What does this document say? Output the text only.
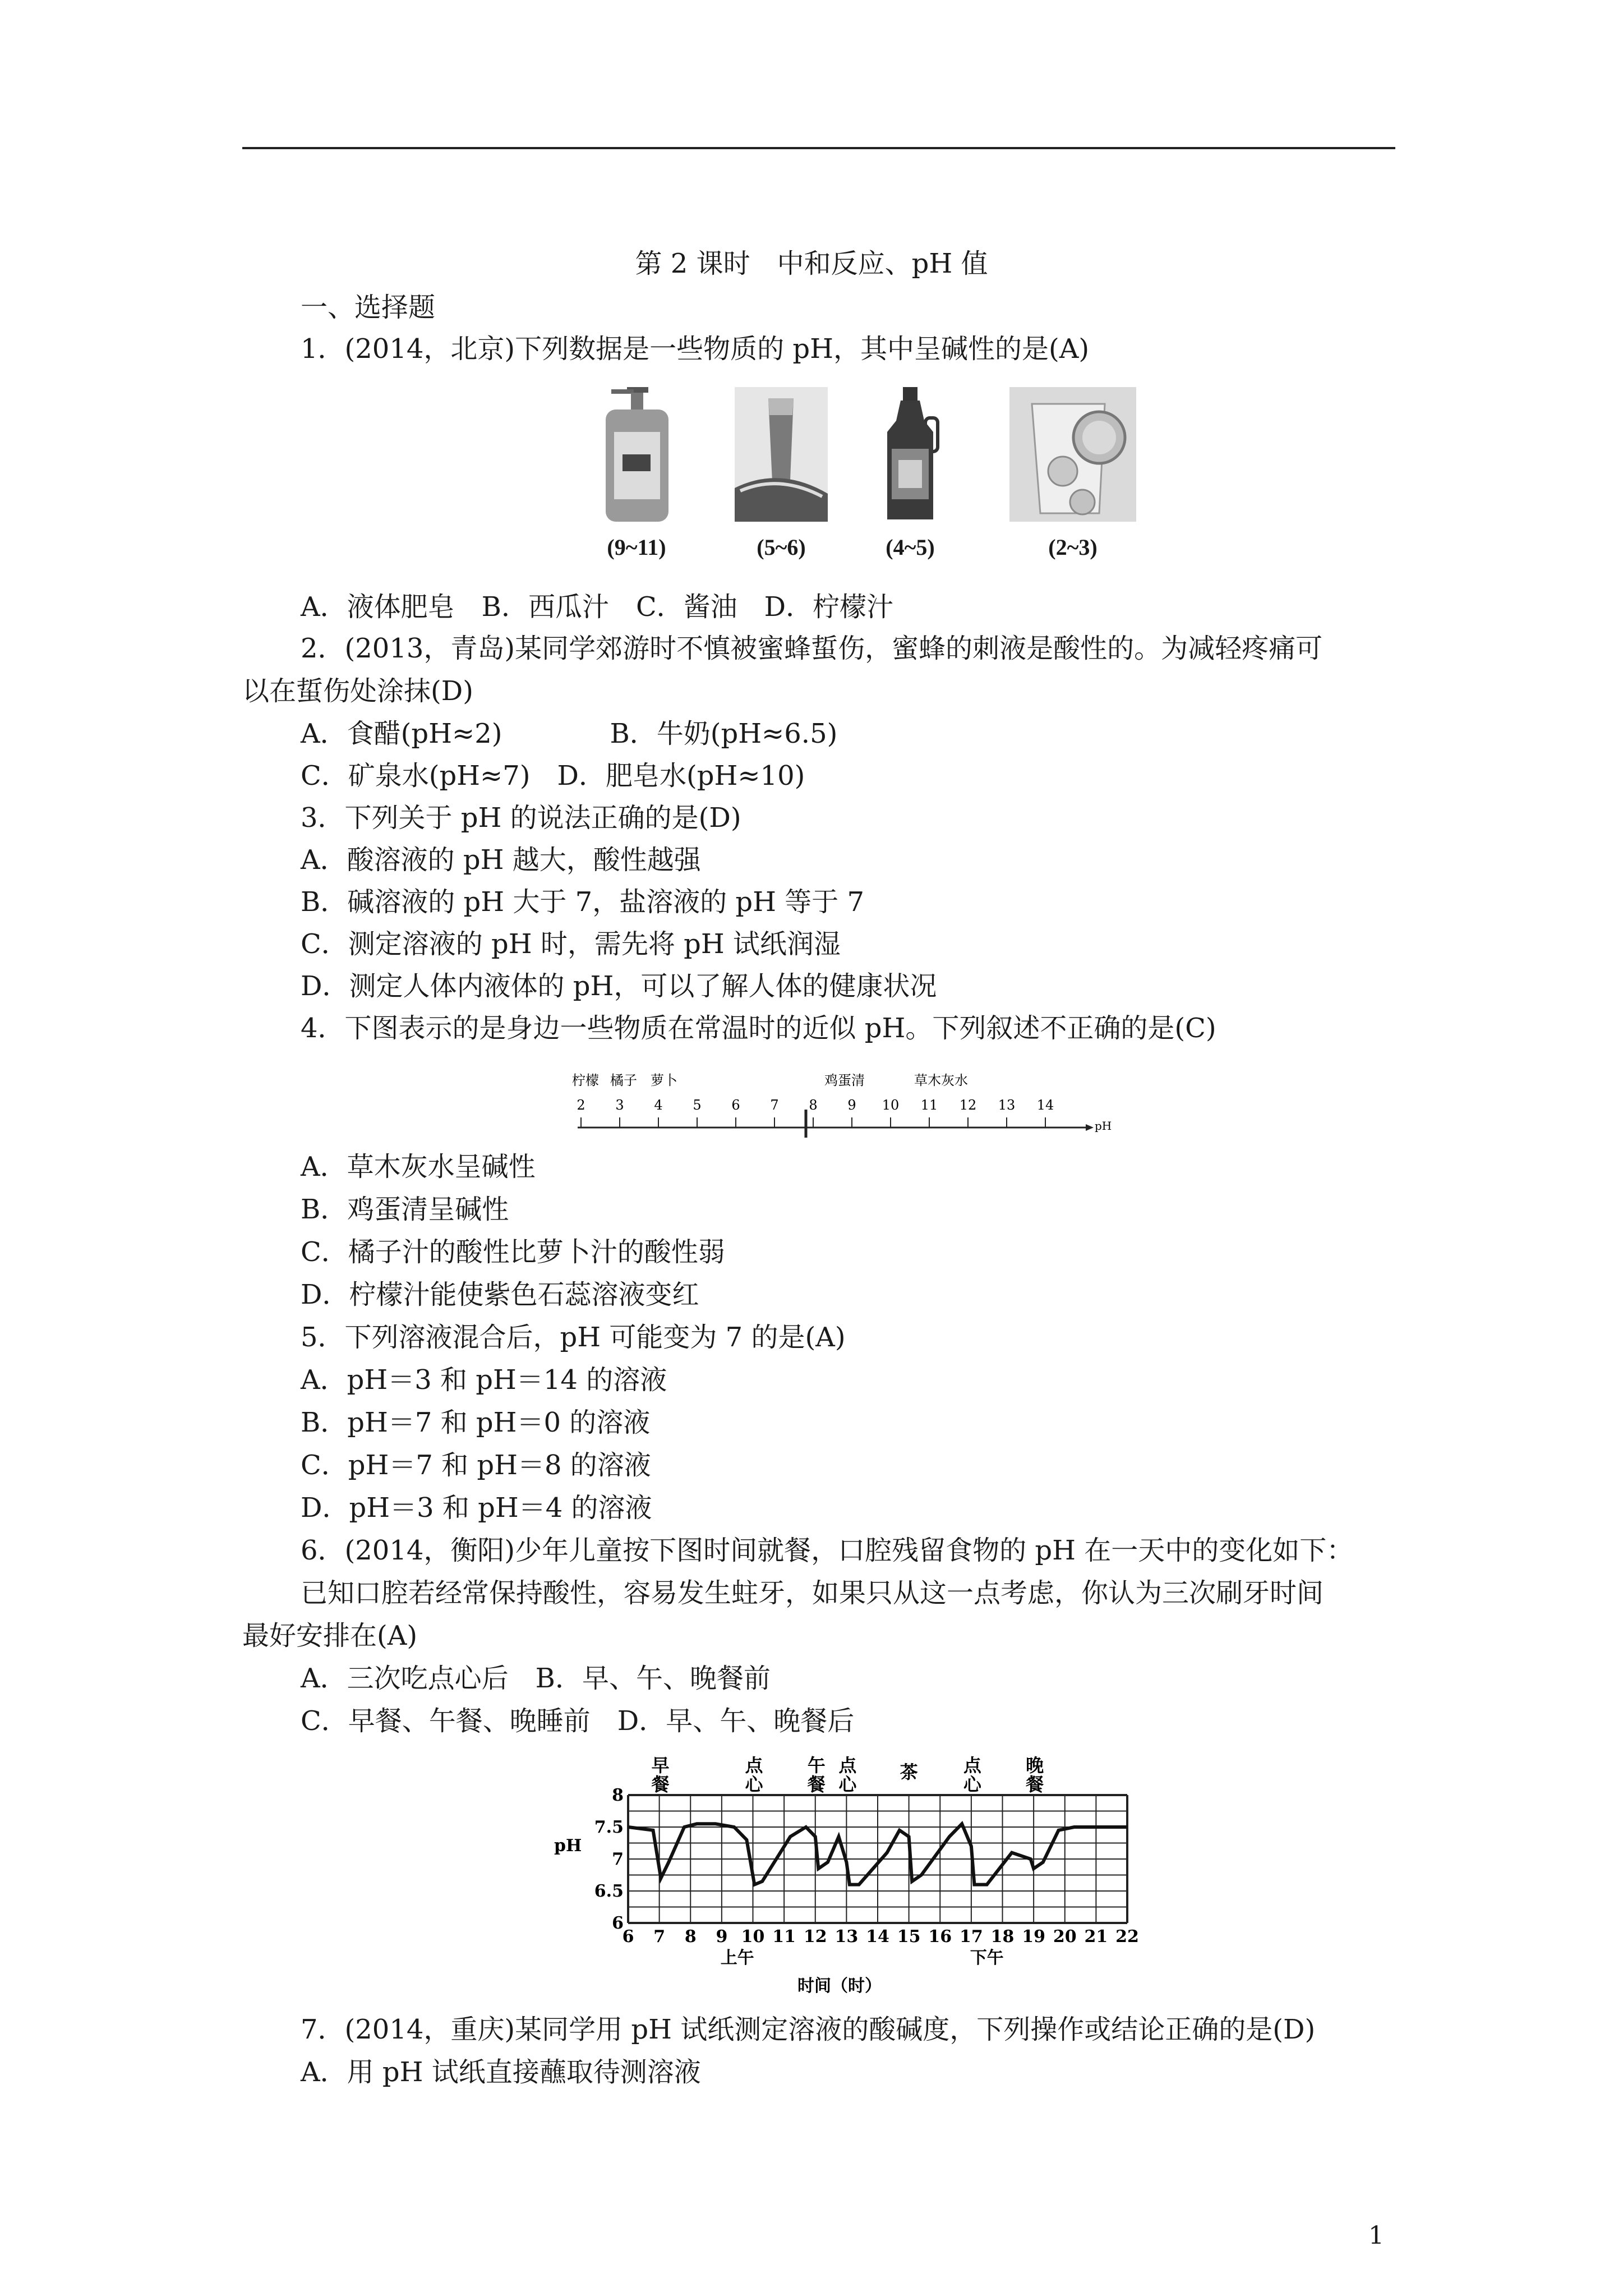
第 2 课时　中和反应、pH 值
一、选择题
1．(2014，北京)下列数据是一些物质的 pH，其中呈碱性的是(A)
(9~11)	(5~6)	(4~5)	(2~3)
A．液体肥皂　B．西瓜汁　C．酱油　D．柠檬汁
2．(2013，青岛)某同学郊游时不慎被蜜蜂蜇伤，蜜蜂的刺液是酸性的。为减轻疼痛可
以在蜇伤处涂抹(D)
A．食醋(pH≈2)　　　　B．牛奶(pH≈6.5)
C．矿泉水(pH≈7)　D．肥皂水(pH≈10)
3．下列关于 pH 的说法正确的是(D)
A．酸溶液的 pH 越大，酸性越强
B．碱溶液的 pH 大于 7，盐溶液的 pH 等于 7
C．测定溶液的 pH 时，需先将 pH 试纸润湿
D．测定人体内液体的 pH，可以了解人体的健康状况
4．下图表示的是身边一些物质在常温时的近似 pH。下列叙述不正确的是(C)
柠檬 橘子 萝卜	鸡蛋清	草木灰水
2 3 4 5 6 7 8 9 10 11 12 13 14
pH
A．草木灰水呈碱性
B．鸡蛋清呈碱性
C．橘子汁的酸性比萝卜汁的酸性弱
D．柠檬汁能使紫色石蕊溶液变红
5．下列溶液混合后，pH 可能变为 7 的是(A)
A．pH＝3 和 pH＝14 的溶液
B．pH＝7 和 pH＝0 的溶液
C．pH＝7 和 pH＝8 的溶液
D．pH＝3 和 pH＝4 的溶液
6．(2014，衡阳)少年儿童按下图时间就餐，口腔残留食物的 pH 在一天中的变化如下：
已知口腔若经常保持酸性，容易发生蛀牙，如果只从这一点考虑，你认为三次刷牙时间
最好安排在(A)
A．三次吃点心后　B．早、午、晚餐前
C．早餐、午餐、晚睡前　D．早、午、晚餐后
早餐	点心 午餐 点心 茶 点心 晚餐
6
6.5
7
7.5
8
6 7 8 9 10 11 12 13 14 15 16 17 18 19 20 21 22
上午	下午
pH
时间（时）
7．(2014，重庆)某同学用 pH 试纸测定溶液的酸碱度，下列操作或结论正确的是(D)
A．用 pH 试纸直接蘸取待测溶液
1
